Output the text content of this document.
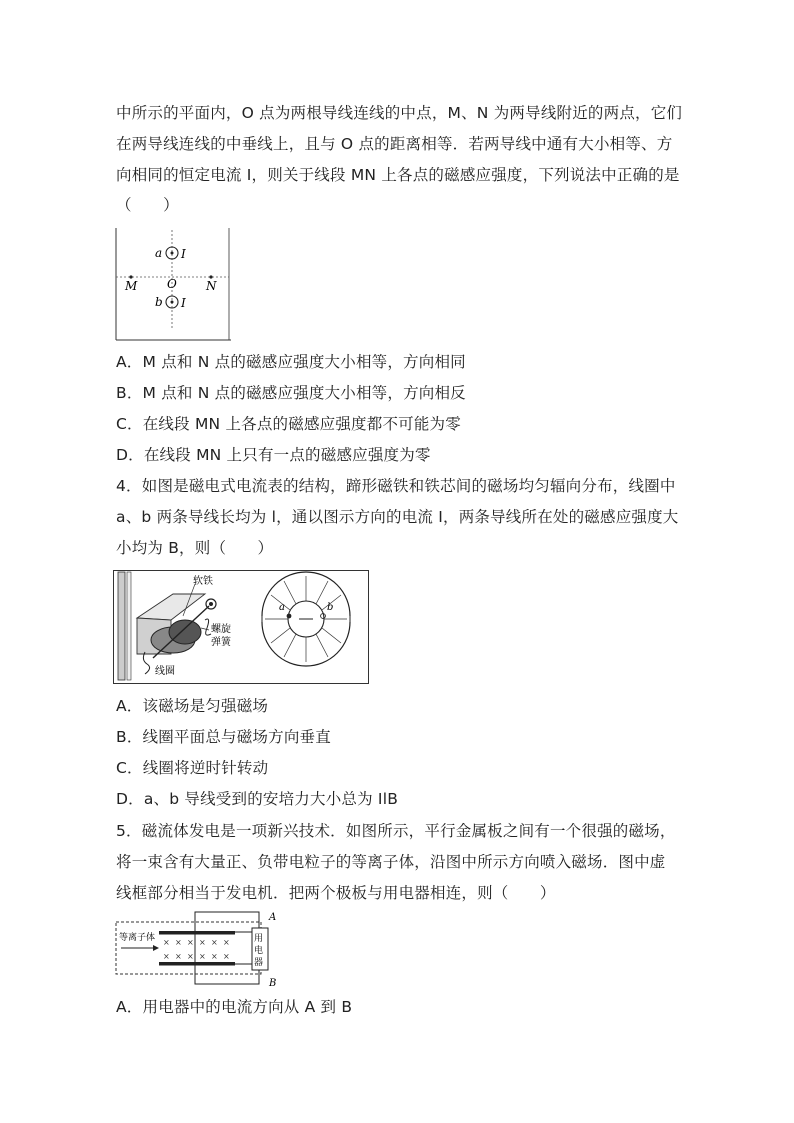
中所示的平面内，O 点为两根导线连线的中点，M、N 为两导线附近的两点，它们
在两导线连线的中垂线上，且与 O 点的距离相等．若两导线中通有大小相等、方
向相同的恒定电流 I，则关于线段 MN 上各点的磁感应强度，下列说法中正确的是
（　　）
a I
b I
M O N
A．M 点和 N 点的磁感应强度大小相等，方向相同
B．M 点和 N 点的磁感应强度大小相等，方向相反
C．在线段 MN 上各点的磁感应强度都不可能为零
D．在线段 MN 上只有一点的磁感应强度为零
4．如图是磁电式电流表的结构，蹄形磁铁和铁芯间的磁场均匀辐向分布，线圈中
a、b 两条导线长均为 l，通以图示方向的电流 I，两条导线所在处的磁感应强度大
小均为 B，则（　　）
软铁
螺旋
弹簧
线圈
a	b
A．该磁场是匀强磁场
B．线圈平面总与磁场方向垂直
C．线圈将逆时针转动
D．a、b 导线受到的安培力大小总为 IlB
5．磁流体发电是一项新兴技术．如图所示，平行金属板之间有一个很强的磁场，
将一束含有大量正、负带电粒子的等离子体，沿图中所示方向喷入磁场．图中虚
线框部分相当于发电机．把两个极板与用电器相连，则（　　）
用
电
器
A
B
等离子体 × × × × × ×
× × × × × ×
A．用电器中的电流方向从 A 到 B
